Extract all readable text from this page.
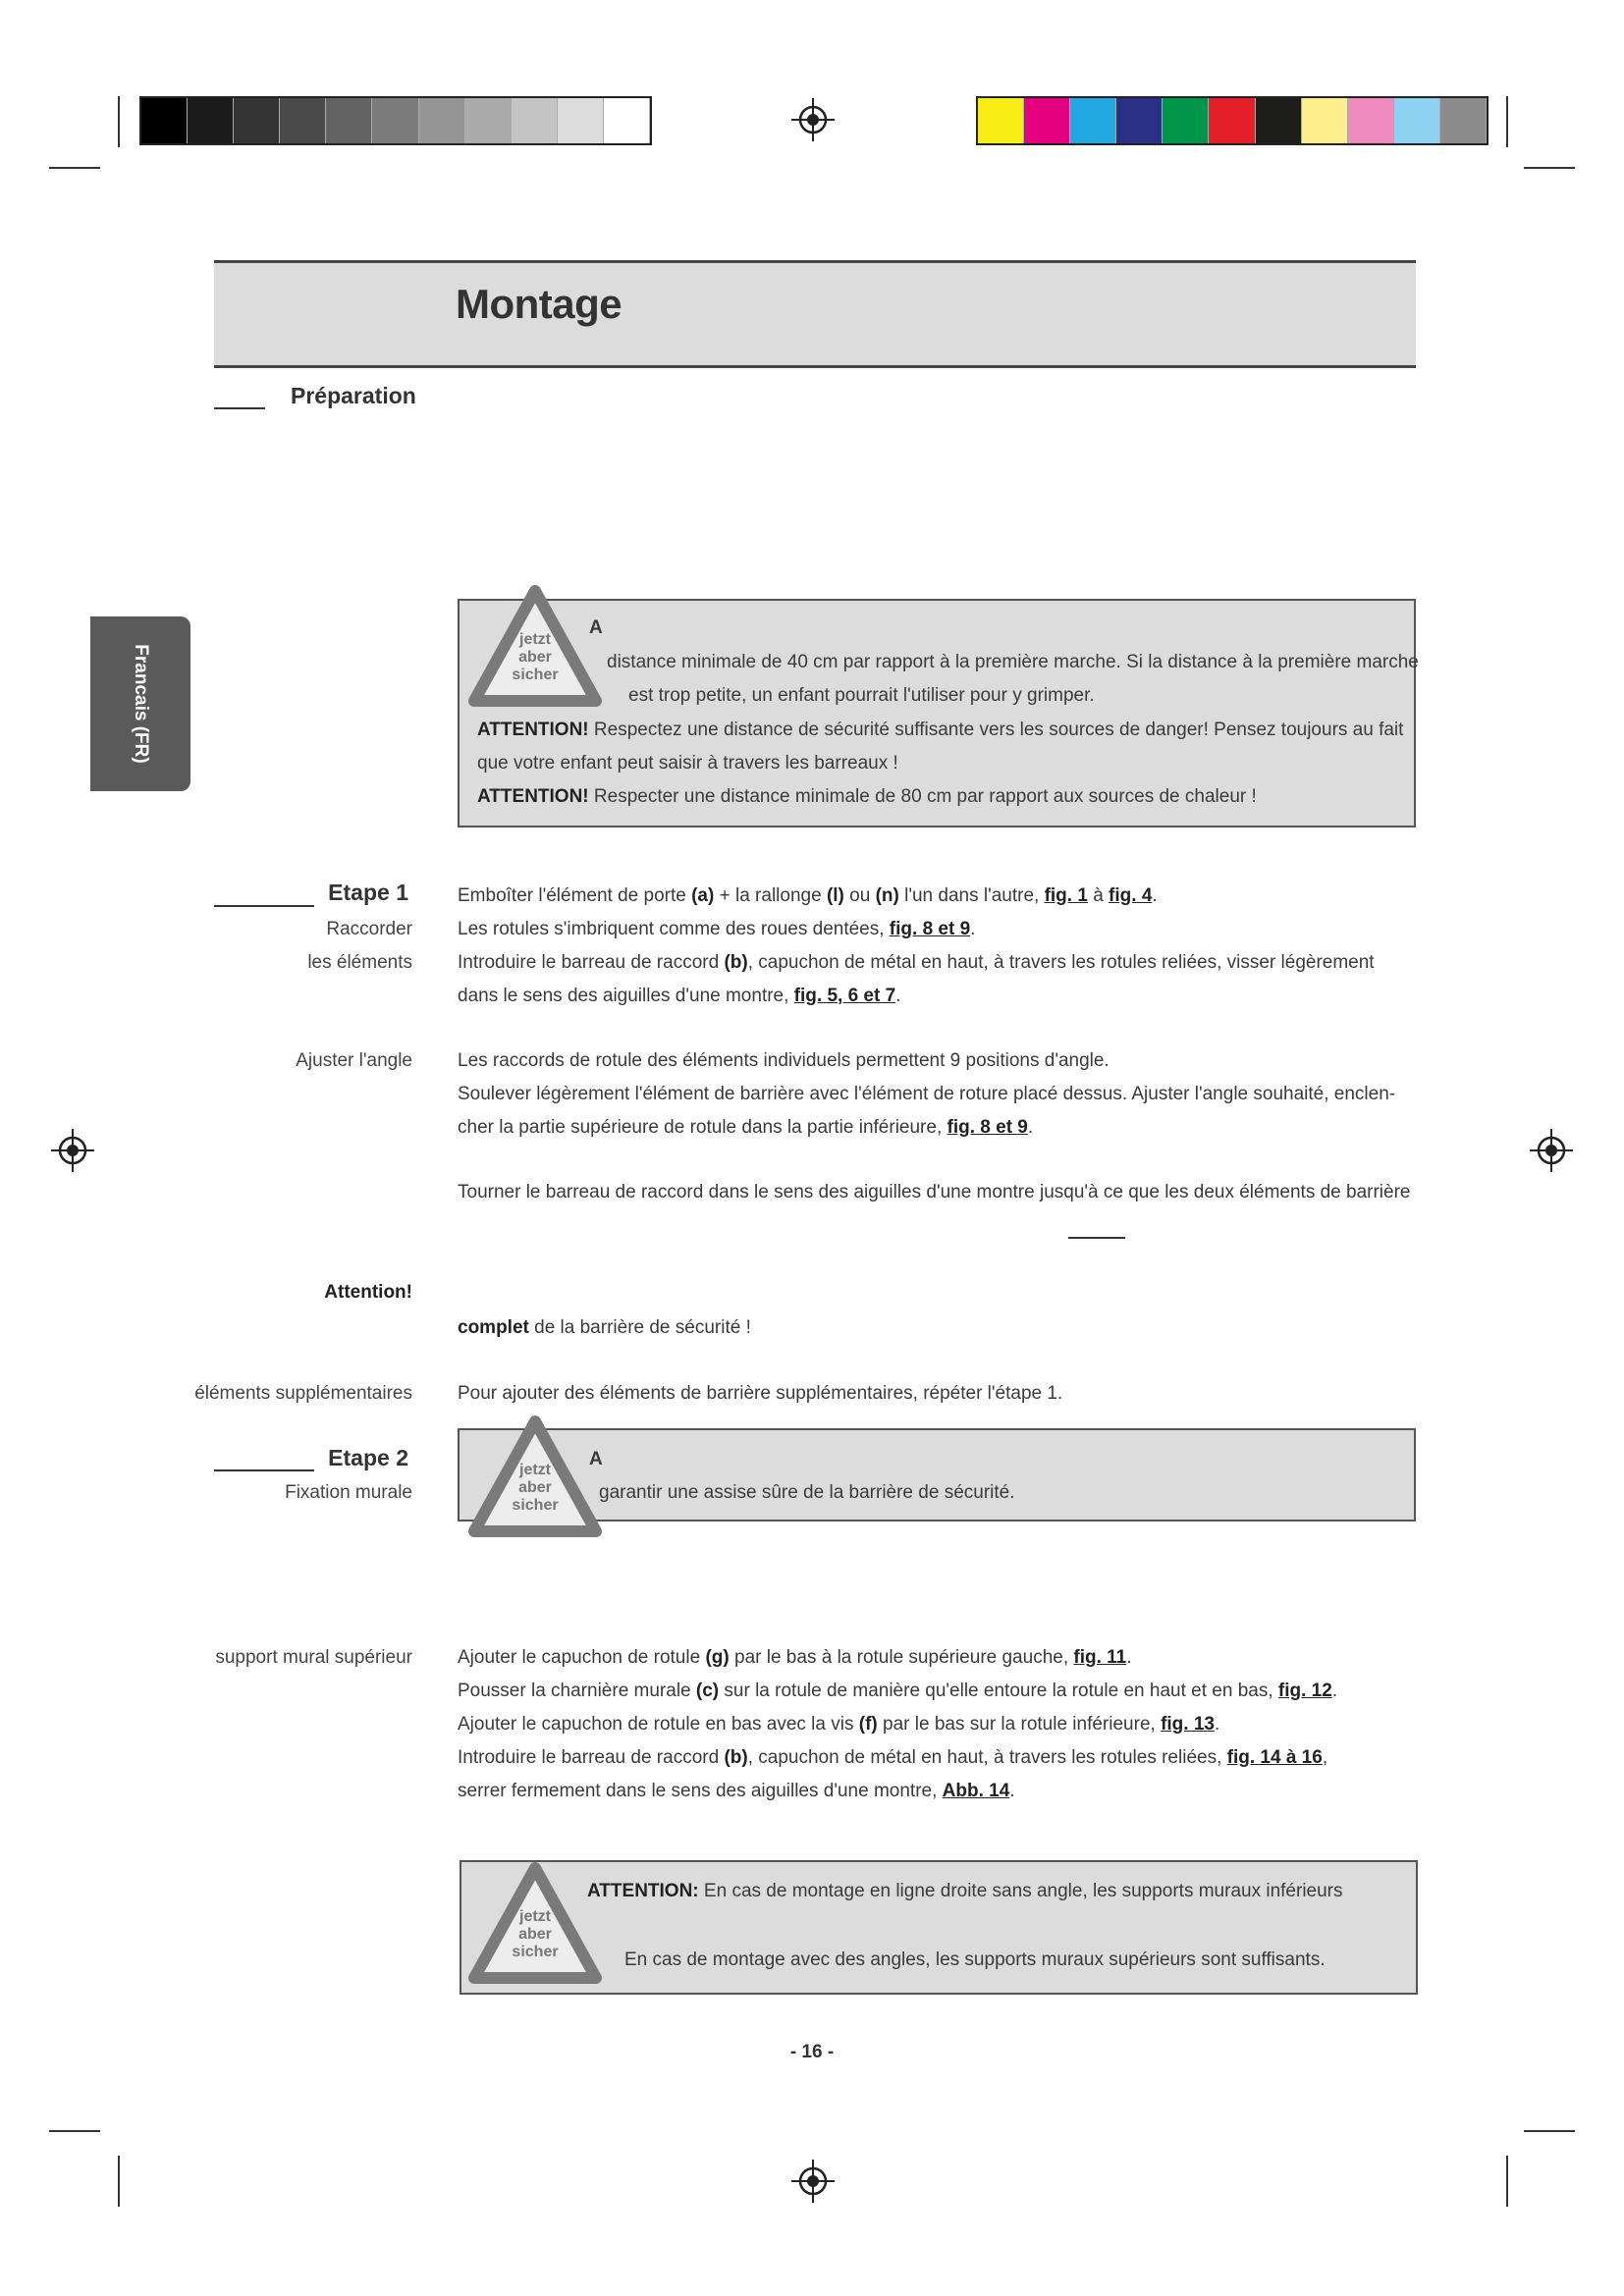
Montage
Francais (FR)
Préparation
jetzt
aber
sicher
A
distance minimale de 40 cm par rapport à la première marche. Si la distance à la première marche
est trop petite, un enfant pourrait l'utiliser pour y grimper.
ATTENTION! Respectez une distance de sécurité suffisante vers les sources de danger! Pensez toujours au fait
que votre enfant peut saisir à travers les barreaux !
ATTENTION! Respecter une distance minimale de 80 cm par rapport aux sources de chaleur !
Etape 1
Raccorder
les éléments
Emboîter l'élément de porte (a) + la rallonge (l) ou (n) l'un dans l'autre, fig. 1 à fig. 4.
Les rotules s'imbriquent comme des roues dentées, fig. 8 et 9.
Introduire le barreau de raccord (b), capuchon de métal en haut, à travers les rotules reliées, visser légèrement
dans le sens des aiguilles d'une montre, fig. 5, 6 et 7.
Ajuster l'angle Les raccords de rotule des éléments individuels permettent 9 positions d'angle.
Soulever légèrement l'élément de barrière avec l'élément de roture placé dessus. Ajuster l'angle souhaité, enclen-
cher la partie supérieure de rotule dans la partie inférieure, fig. 8 et 9.
Tourner le barreau de raccord dans le sens des aiguilles d'une montre jusqu'à ce que les deux éléments de barrière
Attention!
complet de la barrière de sécurité !
éléments supplémentaires Pour ajouter des éléments de barrière supplémentaires, répéter l'étape 1.
Etape 2
Fixation murale
jetzt
aber
sicher
A
garantir une assise sûre de la barrière de sécurité.
support mural supérieur Ajouter le capuchon de rotule (g) par le bas à la rotule supérieure gauche, fig. 11.
Pousser la charnière murale (c) sur la rotule de manière qu'elle entoure la rotule en haut et en bas, fig. 12.
Ajouter le capuchon de rotule en bas avec la vis (f) par le bas sur la rotule inférieure, fig. 13.
Introduire le barreau de raccord (b), capuchon de métal en haut, à travers les rotules reliées, fig. 14 à 16,
serrer fermement dans le sens des aiguilles d'une montre, Abb. 14.
jetzt
aber
sicher
ATTENTION: En cas de montage en ligne droite sans angle, les supports muraux inférieurs
En cas de montage avec des angles, les supports muraux supérieurs sont suffisants.
- 16 -
